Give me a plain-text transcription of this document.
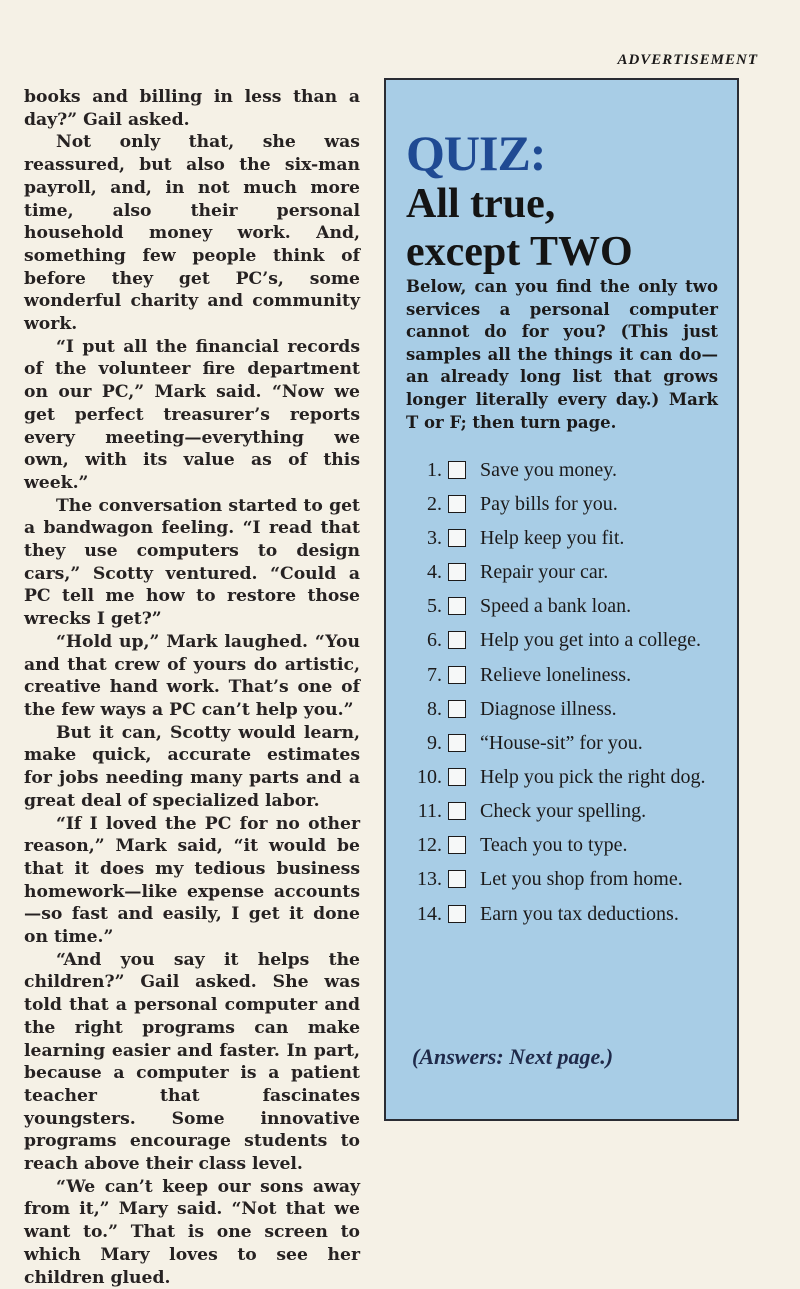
ADVERTISEMENT

books and billing in less than a day?” Gail asked.

Not only that, she was reassured, but also the six-man payroll, and, in not much more time, also their personal household money work. And, something few people think of before they get PC’s, some wonderful charity and community work.

“I put all the financial records of the volunteer fire department on our PC,” Mark said. “Now we get perfect treasurer’s reports every meeting—everything we own, with its value as of this week.”

The conversation started to get a bandwagon feeling. “I read that they use computers to design cars,” Scotty ventured. “Could a PC tell me how to restore those wrecks I get?”

“Hold up,” Mark laughed. “You and that crew of yours do artistic, creative hand work. That’s one of the few ways a PC can’t help you.”

But it can, Scotty would learn, make quick, accurate estimates for jobs needing many parts and a great deal of specialized labor.

“If I loved the PC for no other reason,” Mark said, “it would be that it does my tedious business homework—like expense accounts—so fast and easily, I get it done on time.”

“And you say it helps the children?” Gail asked. She was told that a personal computer and the right programs can make learning easier and faster. In part, because a computer is a patient teacher that fascinates youngsters. Some innovative programs encourage students to reach above their class level.

“We can’t keep our sons away from it,” Mary said. “Not that we want to.” That is one screen to which Mary loves to see her children glued.

QUIZ:
All true,
except TWO
Below, can you find the only two services a personal computer cannot do for you? (This just samples all the things it can do—an already long list that grows longer literally every day.) Mark T or F; then turn page.
1. Save you money.
2. Pay bills for you.
3. Help keep you fit.
4. Repair your car.
5. Speed a bank loan.
6. Help you get into a college.
7. Relieve loneliness.
8. Diagnose illness.
9. “House-sit” for you.
10. Help you pick the right dog.
11. Check your spelling.
12. Teach you to type.
13. Let you shop from home.
14. Earn you tax deductions.
(Answers: Next page.)
